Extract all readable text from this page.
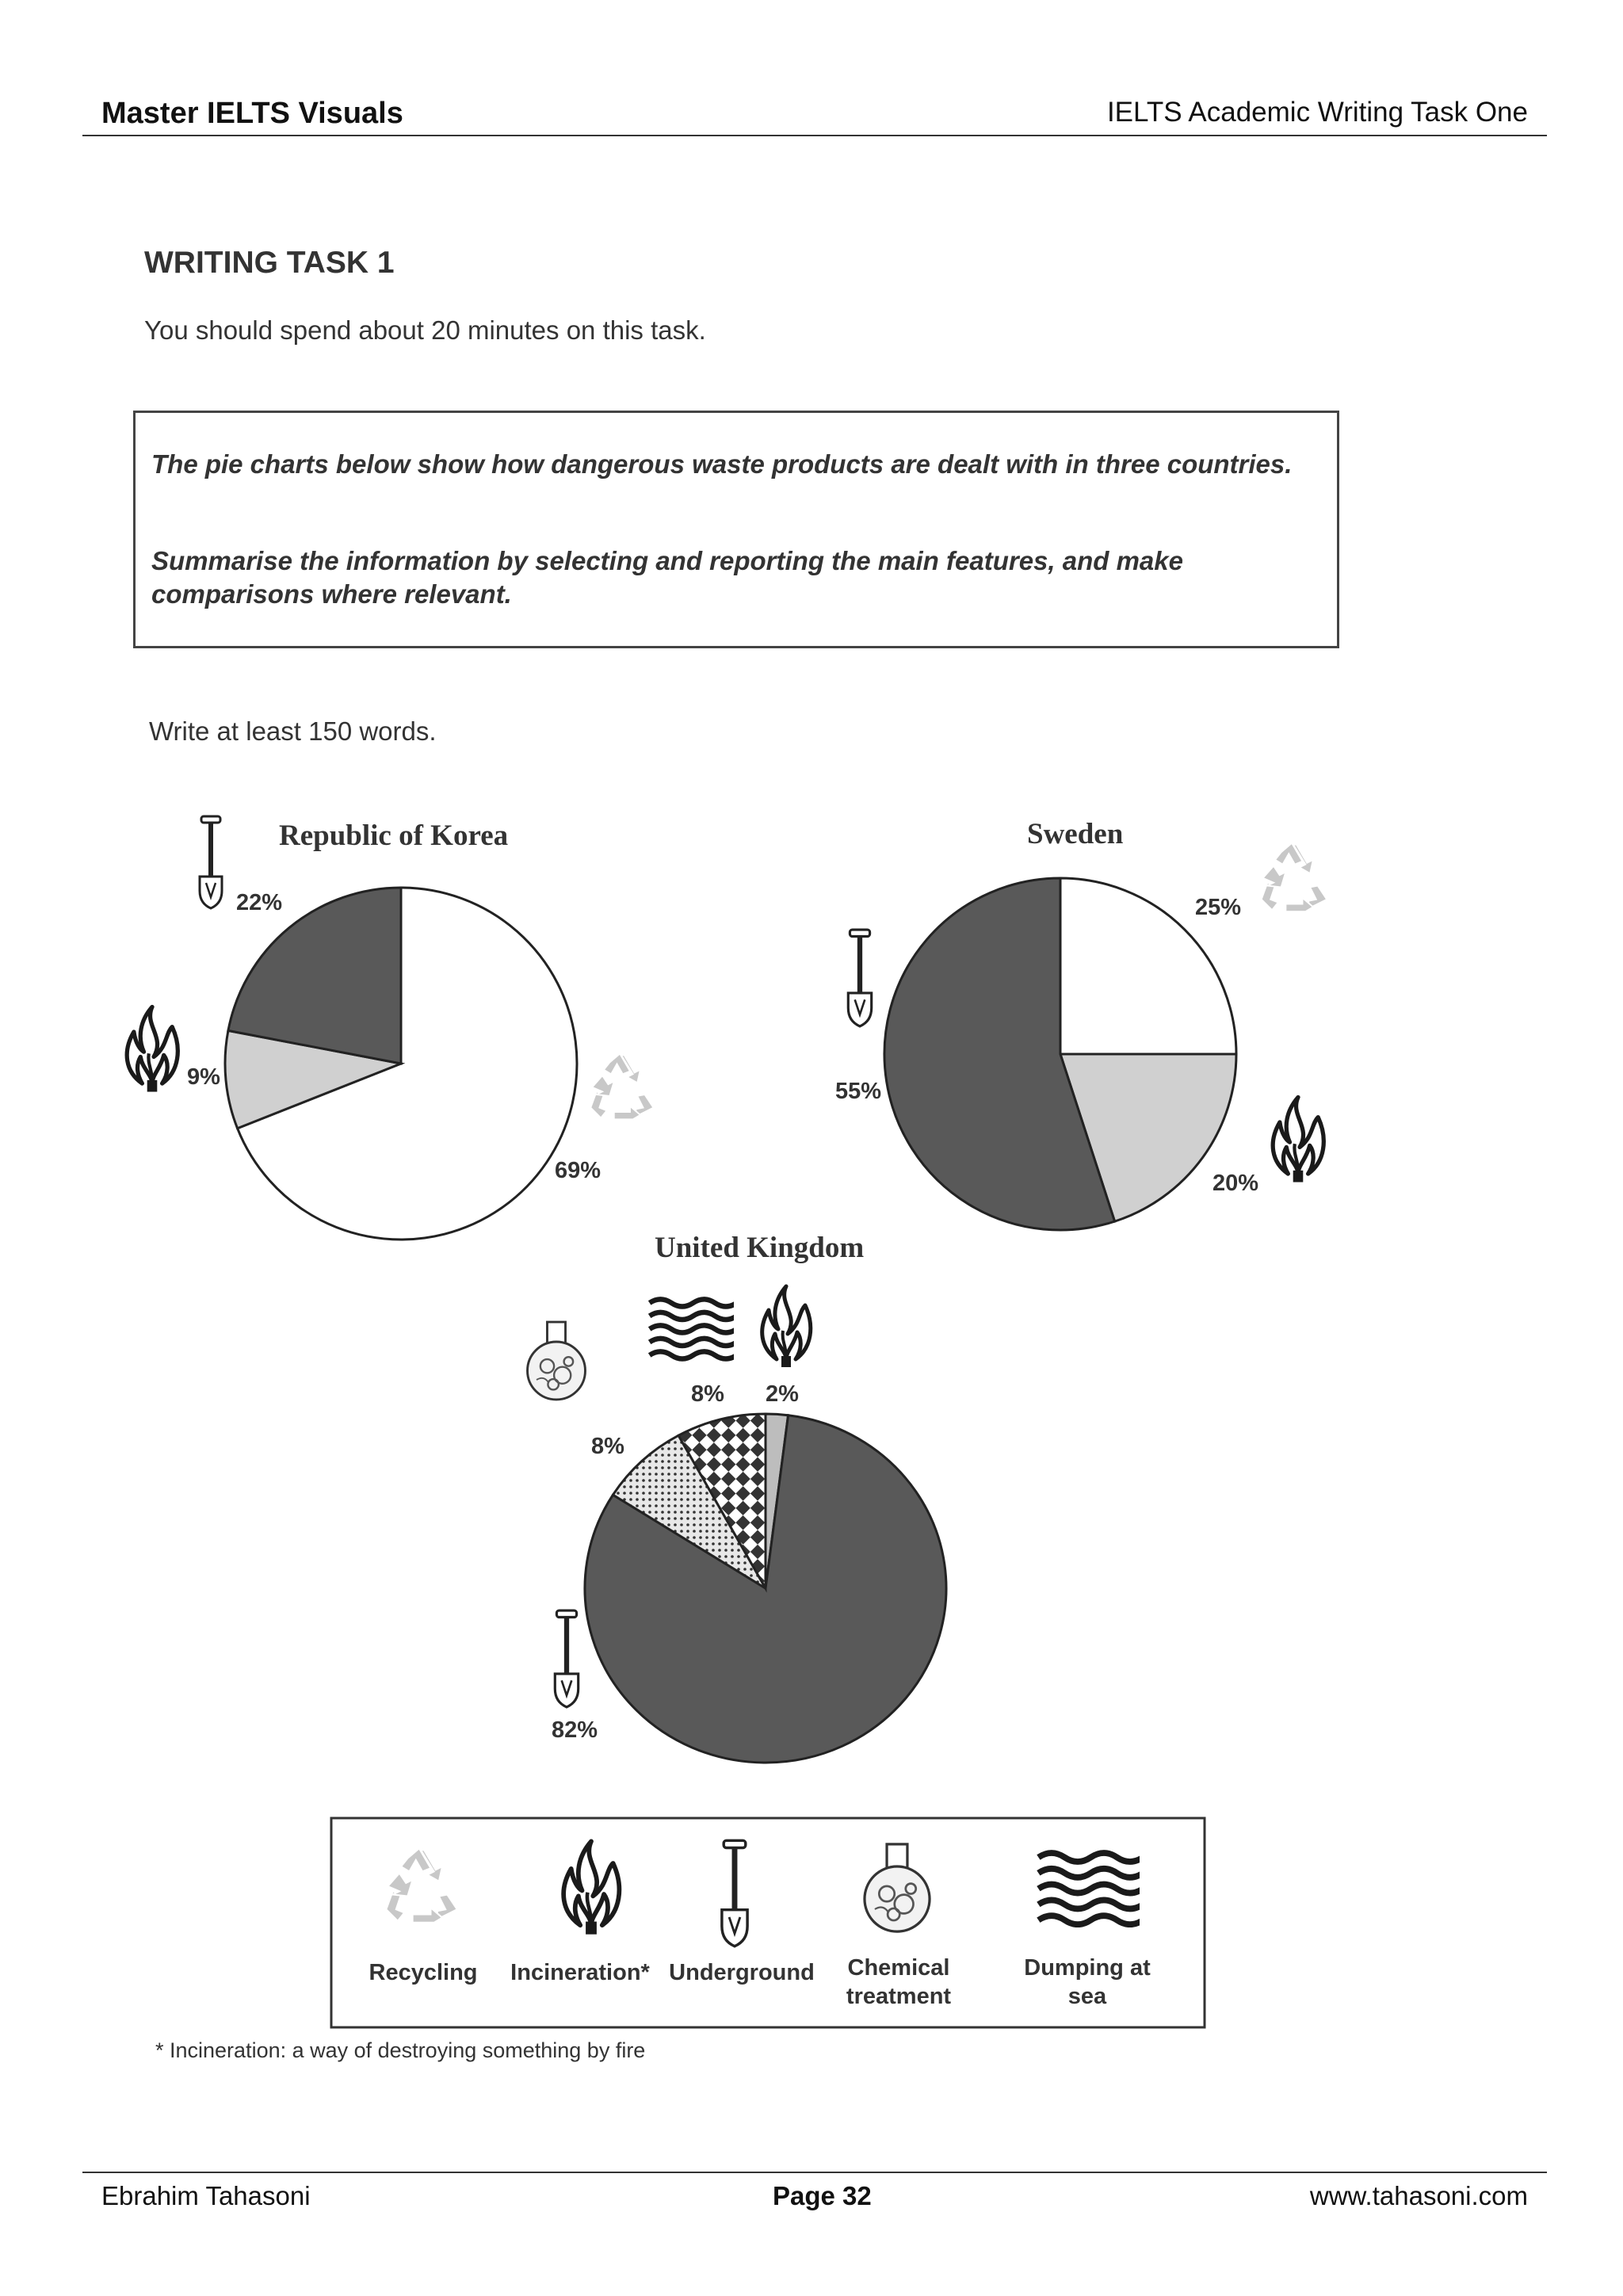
Master IELTS Visuals	IELTS Academic Writing Task One
WRITING TASK 1
You should spend about 20 minutes on this task.
The pie charts below show how dangerous waste products are dealt with in three countries.
Summarise the information by selecting and reporting the main features, and make comparisons where relevant.
Write at least 150 words.
Republic of Korea
22%
9%
69%
Sweden
25%
55%
20%
United Kingdom
8% 2%
8%
82%
Recycling Incineration* Underground Chemical
treatment
Dumping at
sea
* Incineration: a way of destroying something by fire
Ebrahim Tahasoni	Page 32	www.tahasoni.com
